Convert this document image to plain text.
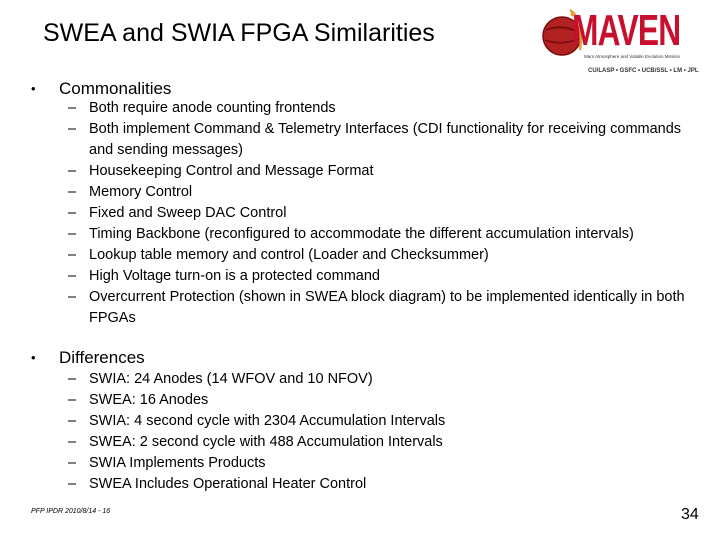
SWEA and SWIA FPGA Similarities	MAVEN
Mars Atmosphere and Volatile Evolution Mission
CU/LASP • GSFC • UCB/SSL • LM • JPL
• Commonalities
– Both require anode counting frontends
– Both implement Command & Telemetry Interfaces (CDI functionality for receiving commands and sending messages)
– Housekeeping Control and Message Format
– Memory Control
– Fixed and Sweep DAC Control
– Timing Backbone (reconfigured to accommodate the different accumulation intervals)
– Lookup table memory and control (Loader and Checksummer)
– High Voltage turn-on is a protected command
– Overcurrent Protection (shown in SWEA block diagram) to be implemented identically in both FPGAs
• Differences
– SWIA: 24 Anodes (14 WFOV and 10 NFOV)
– SWEA: 16 Anodes
– SWIA: 4 second cycle with 2304 Accumulation Intervals
– SWEA: 2 second cycle with 488 Accumulation Intervals
– SWIA Implements Products
– SWEA Includes Operational Heater Control
PFP IPDR 2010/8/14 - 16	34
